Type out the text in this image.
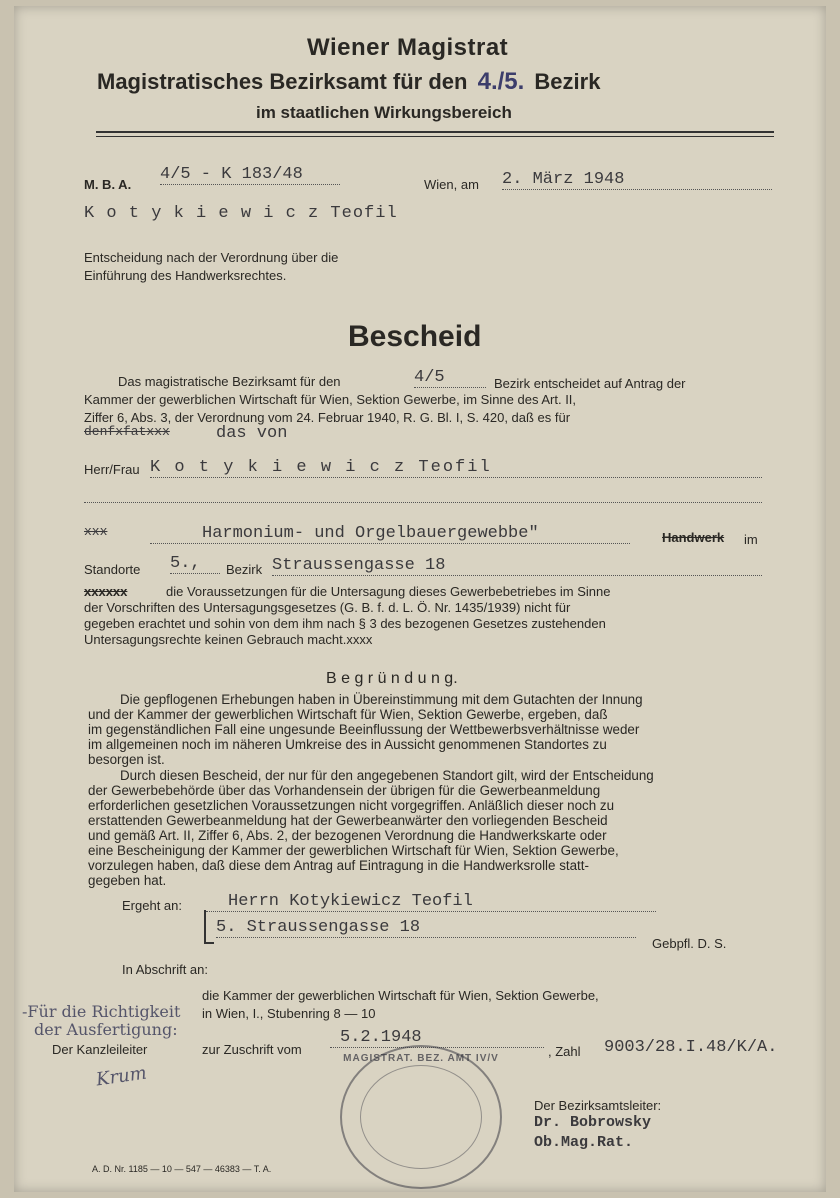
Wiener Magistrat
Magistratisches Bezirksamt für den 4./5. Bezirk
im staatlichen Wirkungsbereich
M. B. A.
4/5 - K 183/48
Wien, am 2. März 1948
K o t y k i e w i c z Teofil
Entscheidung nach der Verordnung über die
Einführung des Handwerksrechtes.
Bescheid
Das magistratische Bezirksamt für den	4/5	Bezirk entscheidet auf Antrag der
Kammer der gewerblichen Wirtschaft für Wien, Sektion Gewerbe, im Sinne des Art. II,
Ziffer 6, Abs. 3, der Verordnung vom 24. Februar 1940, R. G. Bl. I, S. 420, daß es für
denfxfatxxx	das von
Herr/Frau K o t y k i e w i c z Teofil
xxx	Harmonium- und Orgelbauergewebbe"	Handwerk im
Standorte 5.,	Bezirk Straussengasse 18
xxxxxx	die Voraussetzungen für die Untersagung dieses Gewerbebetriebes im Sinne
der Vorschriften des Untersagungsgesetzes (G. B. f. d. L. Ö. Nr. 1435/1939) nicht für
gegeben erachtet und sohin von dem ihm nach § 3 des bezogenen Gesetzes zustehenden
Untersagungsrechte keinen Gebrauch macht.xxxx
B e g r ü n d u n g.
Die gepflogenen Erhebungen haben in Übereinstimmung mit dem Gutachten der Innung
und der Kammer der gewerblichen Wirtschaft für Wien, Sektion Gewerbe, ergeben, daß
im gegenständlichen Fall eine ungesunde Beeinflussung der Wettbewerbsverhältnisse weder
im allgemeinen noch im näheren Umkreise des in Aussicht genommenen Standortes zu
besorgen ist.
Durch diesen Bescheid, der nur für den angegebenen Standort gilt, wird der Entscheidung
der Gewerbebehörde über das Vorhandensein der übrigen für die Gewerbeanmeldung
erforderlichen gesetzlichen Voraussetzungen nicht vorgegriffen. Anläßlich dieser noch zu
erstattenden Gewerbeanmeldung hat der Gewerbeanwärter den vorliegenden Bescheid
und gemäß Art. II, Ziffer 6, Abs. 2, der bezogenen Verordnung die Handwerkskarte oder
eine Bescheinigung der Kammer der gewerblichen Wirtschaft für Wien, Sektion Gewerbe,
vorzulegen haben, daß diese dem Antrag auf Eintragung in die Handwerksrolle statt-
gegeben hat.
Ergeht an:	Herrn Kotykiewicz Teofil
5. Straussengasse 18
Gebpfl. D. S.
In Abschrift an:
die Kammer der gewerblichen Wirtschaft für Wien, Sektion Gewerbe,
in Wien, I., Stubenring 8 — 10
-Für die Richtigkeit
der Ausfertigung:
Der Kanzleileiter	zur Zuschrift vom
5.2.1948
, Zahl 9003/28.I.48/K/A.
Krum
MAGISTRAT. BEZ. AMT IV/V
Der Bezirksamtsleiter:
Dr. Bobrowsky
Ob.Mag.Rat.
A. D. Nr. 1185 — 10 — 547 — 46383 — T. A.
